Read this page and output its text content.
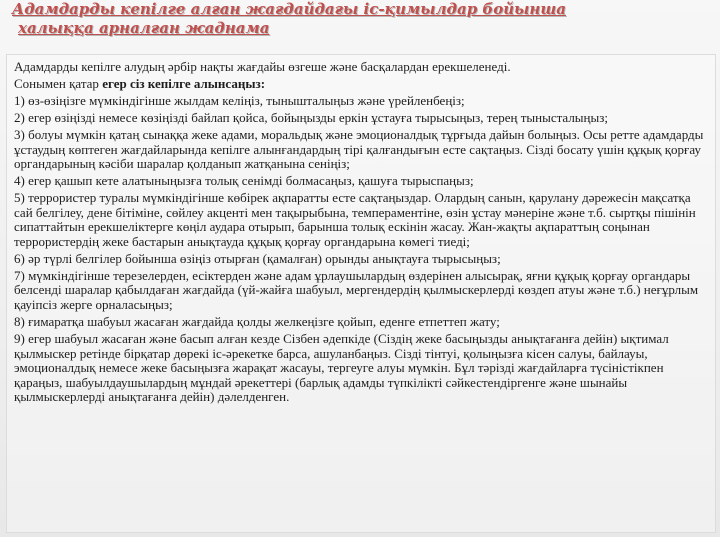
Адамдарды кепілге алған жағдайдағы іс-қимылдар бойынша
халыққа арналған жаднама

Адамдарды кепілге алудың әрбір нақты жағдайы өзгеше және басқалардан ерекшеленеді.

Сонымен қатар егер сіз кепілге алынсаңыз:

1) өз-өзіңізге мүмкіндігінше жылдам келіңіз, тынышталыңыз және үрейленбеңіз;

2) егер өзіңізді немесе көзіңізді байлап қойса, бойыңызды еркін ұстауға тырысыңыз, терең тынысталыңыз;

3) болуы мүмкін қатаң сынаққа жеке адами, моральдық және эмоционалдық тұрғыда дайын болыңыз. Осы ретте адамдарды ұстаудың көптеген жағдайларында кепілге алынғандардың тірі қалғандығын есте сақтаңыз. Сізді босату үшін құқық қорғау органдарының кәсіби шаралар қолданып жатқанына сеніңіз;

4) егер қашып кете алатыныңызға толық сенімді болмасаңыз, қашуға тырыспаңыз;

5) террористер туралы мүмкіндігінше көбірек ақпаратты есте сақтаңыздар. Олардың санын, қарулану дәрежесін мақсатқа сай белгілеу, дене бітіміне, сөйлеу акценті мен тақырыбына, темпераментіне, өзін ұстау мәнеріне және т.б. сыртқы пішінін сипаттайтын ерекшеліктерге көңіл аудара отырып, барынша толық ескінін жасау. Жан-жақты ақпараттың соңынан террористердің жеке бастарын анықтауда құқық қорғау органдарына көмегі тиеді;

6) әр түрлі белгілер бойынша өзіңіз отырған (қамалған) орынды анықтауға тырысыңыз;

7) мүмкіндігінше терезелерден, есіктерден және адам ұрлаушылардың өздерінен алысырақ, яғни құқық қорғау органдары белсенді шаралар қабылдаған жағдайда (үй-жайға шабуыл, мергендердің қылмыскерлерді көздеп атуы және т.б.) неғұрлым қауіпсіз жерге орналасыңыз;

8) ғимаратқа шабуыл жасаған жағдайда қолды желкеңізге қойып, еденге етпеттеп жату;

9) егер шабуыл жасаған және басып алған кезде Сізбен әдепкіде (Сіздің жеке басыңызды анықтағанға дейін) ықтимал қылмыскер ретінде бірқатар дөрекі іс-әрекетке барса, ашуланбаңыз. Сізді тінтуі, қолыңызға кісен салуы, байлауы, эмоционалдық немесе жеке басыңызға жарақат жасауы, тергеуге алуы мүмкін. Бұл тәрізді жағдайларға түсіністікпен қараңыз, шабуылдаушылардың мұндай әрекеттері (барлық адамды түпкілікті сәйкестендіргенге және шынайы қылмыскерлерді анықтағанға дейін) дәлелденген.
